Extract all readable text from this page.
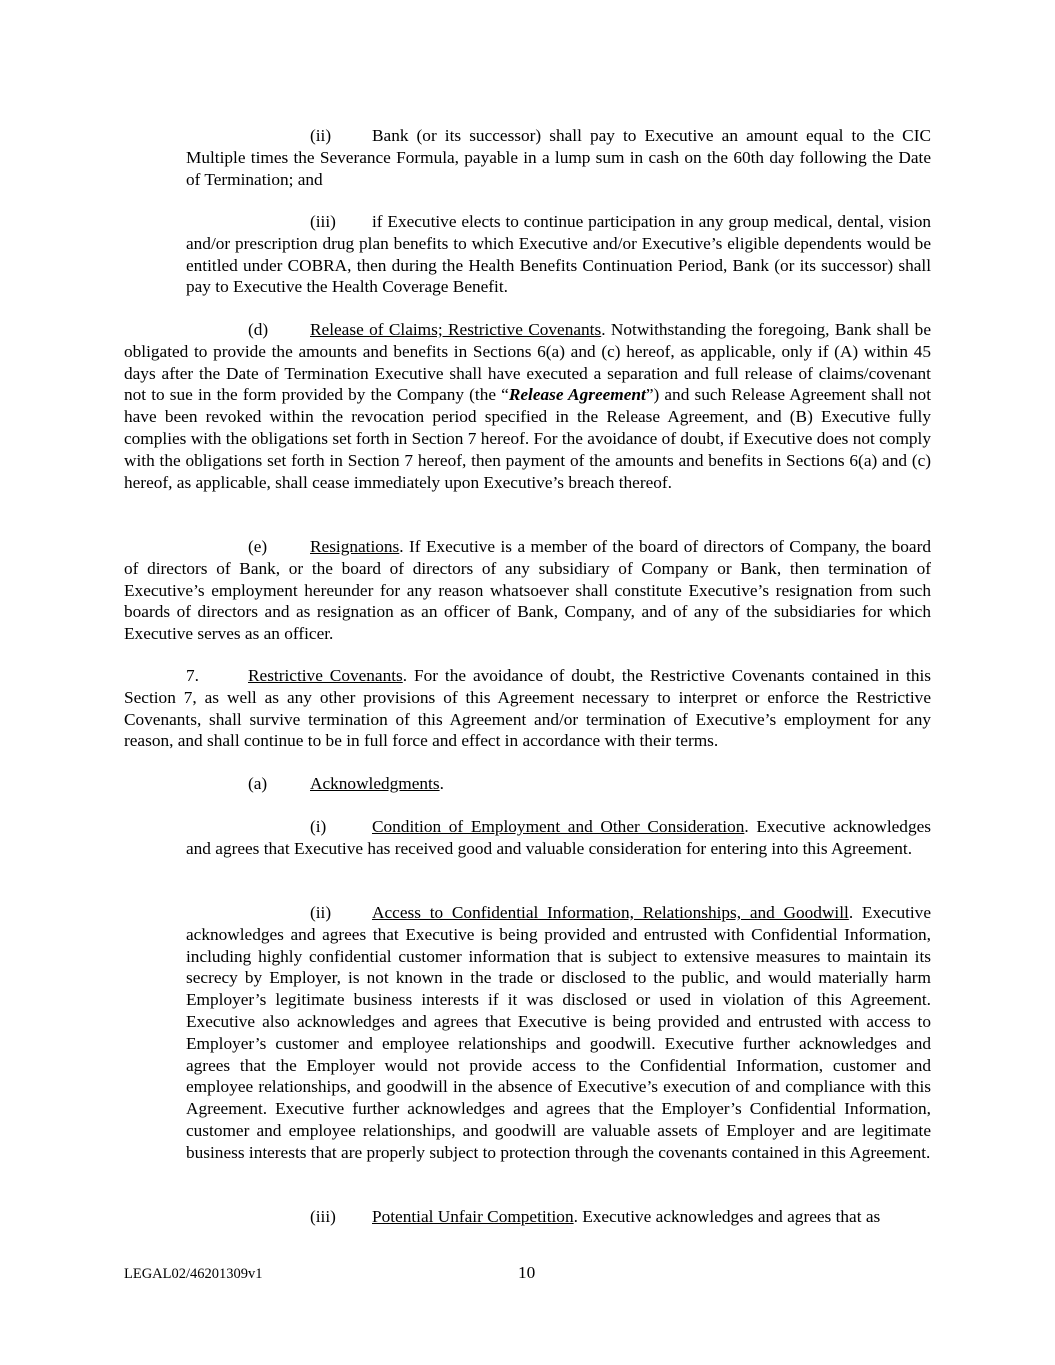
(ii) Bank (or its successor) shall pay to Executive an amount equal to the CIC Multiple times the Severance Formula, payable in a lump sum in cash on the 60th day following the Date of Termination; and

(iii) if Executive elects to continue participation in any group medical, dental, vision and/or prescription drug plan benefits to which Executive and/or Executive’s eligible dependents would be entitled under COBRA, then during the Health Benefits Continuation Period, Bank (or its successor) shall pay to Executive the Health Coverage Benefit.

(d) Release of Claims; Restrictive Covenants. Notwithstanding the foregoing, Bank shall be obligated to provide the amounts and benefits in Sections 6(a) and (c) hereof, as applicable, only if (A) within 45 days after the Date of Termination Executive shall have executed a separation and full release of claims/covenant not to sue in the form provided by the Company (the “Release Agreement”) and such Release Agreement shall not have been revoked within the revocation period specified in the Release Agreement, and (B) Executive fully complies with the obligations set forth in Section 7 hereof. For the avoidance of doubt, if Executive does not comply with the obligations set forth in Section 7 hereof, then payment of the amounts and benefits in Sections 6(a) and (c) hereof, as applicable, shall cease immediately upon Executive’s breach thereof.

(e) Resignations. If Executive is a member of the board of directors of Company, the board of directors of Bank, or the board of directors of any subsidiary of Company or Bank, then termination of Executive’s employment hereunder for any reason whatsoever shall constitute Executive’s resignation from such boards of directors and as resignation as an officer of Bank, Company, and of any of the subsidiaries for which Executive serves as an officer.

7.	Restrictive Covenants. For the avoidance of doubt, the Restrictive Covenants contained in this Section 7, as well as any other provisions of this Agreement necessary to interpret or enforce the Restrictive Covenants, shall survive termination of this Agreement and/or termination of Executive’s employment for any reason, and shall continue to be in full force and effect in accordance with their terms.

(a) Acknowledgments.

(i)	Condition of Employment and Other Consideration. Executive acknowledges and agrees that Executive has received good and valuable consideration for entering into this Agreement.

(ii) Access to Confidential Information, Relationships, and Goodwill. Executive acknowledges and agrees that Executive is being provided and entrusted with Confidential Information, including highly confidential customer information that is subject to extensive measures to maintain its secrecy by Employer, is not known in the trade or disclosed to the public, and would materially harm Employer’s legitimate business interests if it was disclosed or used in violation of this Agreement. Executive also acknowledges and agrees that Executive is being provided and entrusted with access to Employer’s customer and employee relationships and goodwill. Executive further acknowledges and agrees that the Employer would not provide access to the Confidential Information, customer and employee relationships, and goodwill in the absence of Executive’s execution of and compliance with this Agreement. Executive further acknowledges and agrees that the Employer’s Confidential Information, customer and employee relationships, and goodwill are valuable assets of Employer and are legitimate business interests that are properly subject to protection through the covenants contained in this Agreement.

(iii) Potential Unfair Competition. Executive acknowledges and agrees that as

LEGAL02/46201309v1	10
